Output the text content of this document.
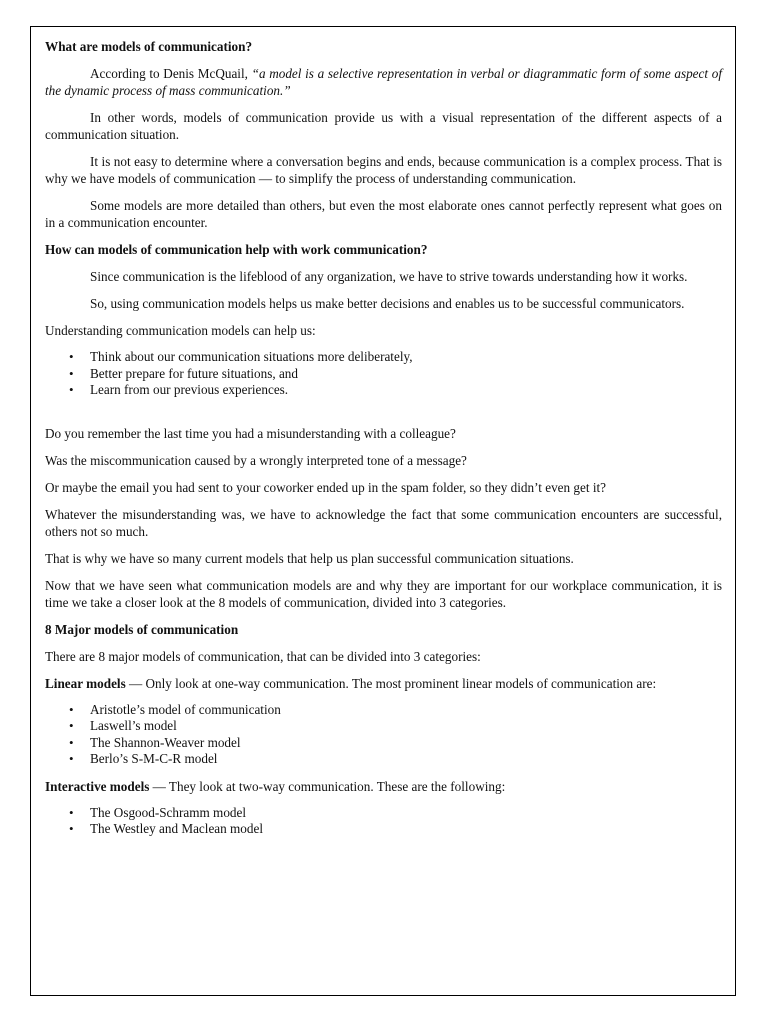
What are models of communication?

According to Denis McQuail, “a model is a selective representation in verbal or diagrammatic form of some aspect of the dynamic process of mass communication.”

In other words, models of communication provide us with a visual representation of the different aspects of a communication situation.

It is not easy to determine where a conversation begins and ends, because communication is a complex process. That is why we have models of communication — to simplify the process of understanding communication.

Some models are more detailed than others, but even the most elaborate ones cannot perfectly represent what goes on in a communication encounter.

How can models of communication help with work communication?

Since communication is the lifeblood of any organization, we have to strive towards understanding how it works.

So, using communication models helps us make better decisions and enables us to be successful communicators.

Understanding communication models can help us:

• Think about our communication situations more deliberately,
• Better prepare for future situations, and
• Learn from our previous experiences.

Do you remember the last time you had a misunderstanding with a colleague?

Was the miscommunication caused by a wrongly interpreted tone of a message?

Or maybe the email you had sent to your coworker ended up in the spam folder, so they didn’t even get it?

Whatever the misunderstanding was, we have to acknowledge the fact that some communication encounters are successful, others not so much.

That is why we have so many current models that help us plan successful communication situations.

Now that we have seen what communication models are and why they are important for our workplace communication, it is time we take a closer look at the 8 models of communication, divided into 3 categories.

8 Major models of communication

There are 8 major models of communication, that can be divided into 3 categories:

Linear models — Only look at one-way communication. The most prominent linear models of communication are:

• Aristotle’s model of communication
• Laswell’s model
• The Shannon-Weaver model
• Berlo’s S-M-C-R model

Interactive models — They look at two-way communication. These are the following:

• The Osgood-Schramm model
• The Westley and Maclean model
